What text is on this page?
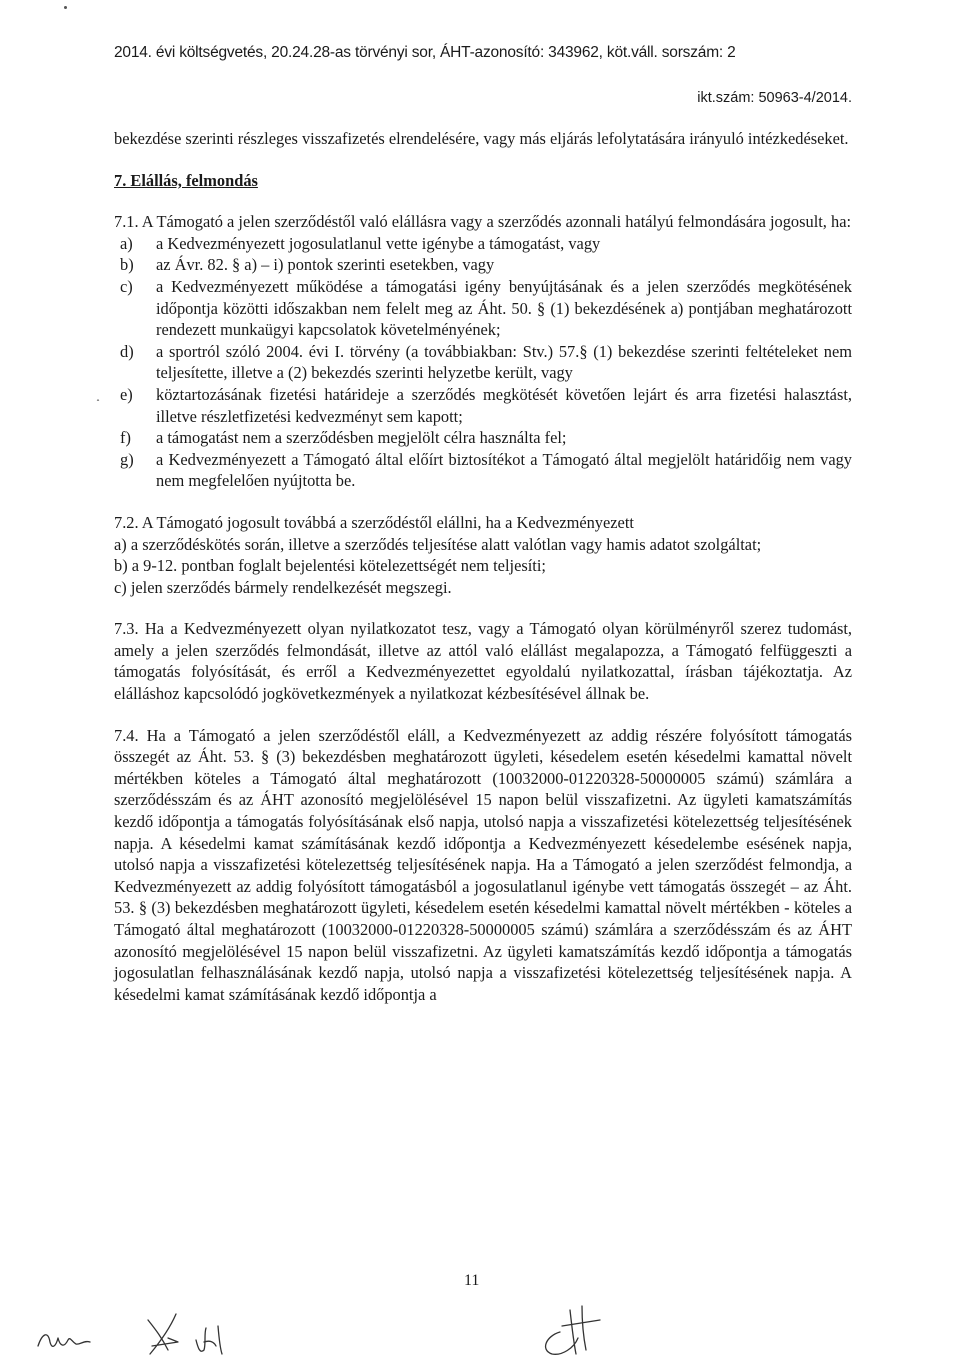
2014. évi költségvetés, 20.24.28-as törvényi sor, ÁHT-azonosító: 343962, köt.váll. sorszám: 2
ikt.szám: 50963-4/2014.

bekezdése szerinti részleges visszafizetés elrendelésére, vagy más eljárás lefolytatására irányuló intézkedéseket.

7. Elállás, felmondás

7.1. A Támogató a jelen szerződéstől való elállásra vagy a szerződés azonnali hatályú felmondására jogosult, ha:

a) a Kedvezményezett jogosulatlanul vette igénybe a támogatást, vagy

b) az Ávr. 82. § a) – i) pontok szerinti esetekben, vagy

c) a Kedvezményezett működése a támogatási igény benyújtásának és a jelen szerződés megkötésének időpontja közötti időszakban nem felelt meg az Áht. 50. § (1) bekezdésének a) pontjában meghatározott rendezett munkaügyi kapcsolatok követelményének;

d) a sportról szóló 2004. évi I. törvény (a továbbiakban: Stv.) 57.§ (1) bekezdése szerinti feltételeket nem teljesítette, illetve a (2) bekezdés szerinti helyzetbe került, vagy

e) köztartozásának fizetési határideje a szerződés megkötését követően lejárt és arra fizetési halasztást, illetve részletfizetési kedvezményt sem kapott;

f) a támogatást nem a szerződésben megjelölt célra használta fel;

g) a Kedvezményezett a Támogató által előírt biztosítékot a Támogató által megjelölt határidőig nem vagy nem megfelelően nyújtotta be.

7.2. A Támogató jogosult továbbá a szerződéstől elállni, ha a Kedvezményezett

a) a szerződéskötés során, illetve a szerződés teljesítése alatt valótlan vagy hamis adatot szolgáltat;

b) a 9-12. pontban foglalt bejelentési kötelezettségét nem teljesíti;

c) jelen szerződés bármely rendelkezését megszegi.

7.3. Ha a Kedvezményezett olyan nyilatkozatot tesz, vagy a Támogató olyan körülményről szerez tudomást, amely a jelen szerződés felmondását, illetve az attól való elállást megalapozza, a Támogató felfüggeszti a támogatás folyósítását, és erről a Kedvezményezettet egyoldalú nyilatkozattal, írásban tájékoztatja. Az elálláshoz kapcsolódó jogkövetkezmények a nyilatkozat kézbesítésével állnak be.

7.4. Ha a Támogató a jelen szerződéstől eláll, a Kedvezményezett az addig részére folyósított támogatás összegét az Áht. 53. § (3) bekezdésben meghatározott ügyleti, késedelem esetén késedelmi kamattal növelt mértékben köteles a Támogató által meghatározott (10032000-01220328-50000005 számú) számlára a szerződésszám és az ÁHT azonosító megjelölésével 15 napon belül visszafizetni. Az ügyleti kamatszámítás kezdő időpontja a támogatás folyósításának első napja, utolsó napja a visszafizetési kötelezettség teljesítésének napja. A késedelmi kamat számításának kezdő időpontja a Kedvezményezett késedelembe esésének napja, utolsó napja a visszafizetési kötelezettség teljesítésének napja. Ha a Támogató a jelen szerződést felmondja, a Kedvezményezett az addig folyósított támogatásból a jogosulatlanul igénybe vett támogatás összegét – az Áht. 53. § (3) bekezdésben meghatározott ügyleti, késedelem esetén késedelmi kamattal növelt mértékben - köteles a Támogató által meghatározott (10032000-01220328-50000005 számú) számlára a szerződésszám és az ÁHT azonosító megjelölésével 15 napon belül visszafizetni. Az ügyleti kamatszámítás kezdő időpontja a támogatás jogosulatlan felhasználásának kezdő napja, utolsó napja a visszafizetési kötelezettség teljesítésének napja. A késedelmi kamat számításának kezdő időpontja a

˰
11
